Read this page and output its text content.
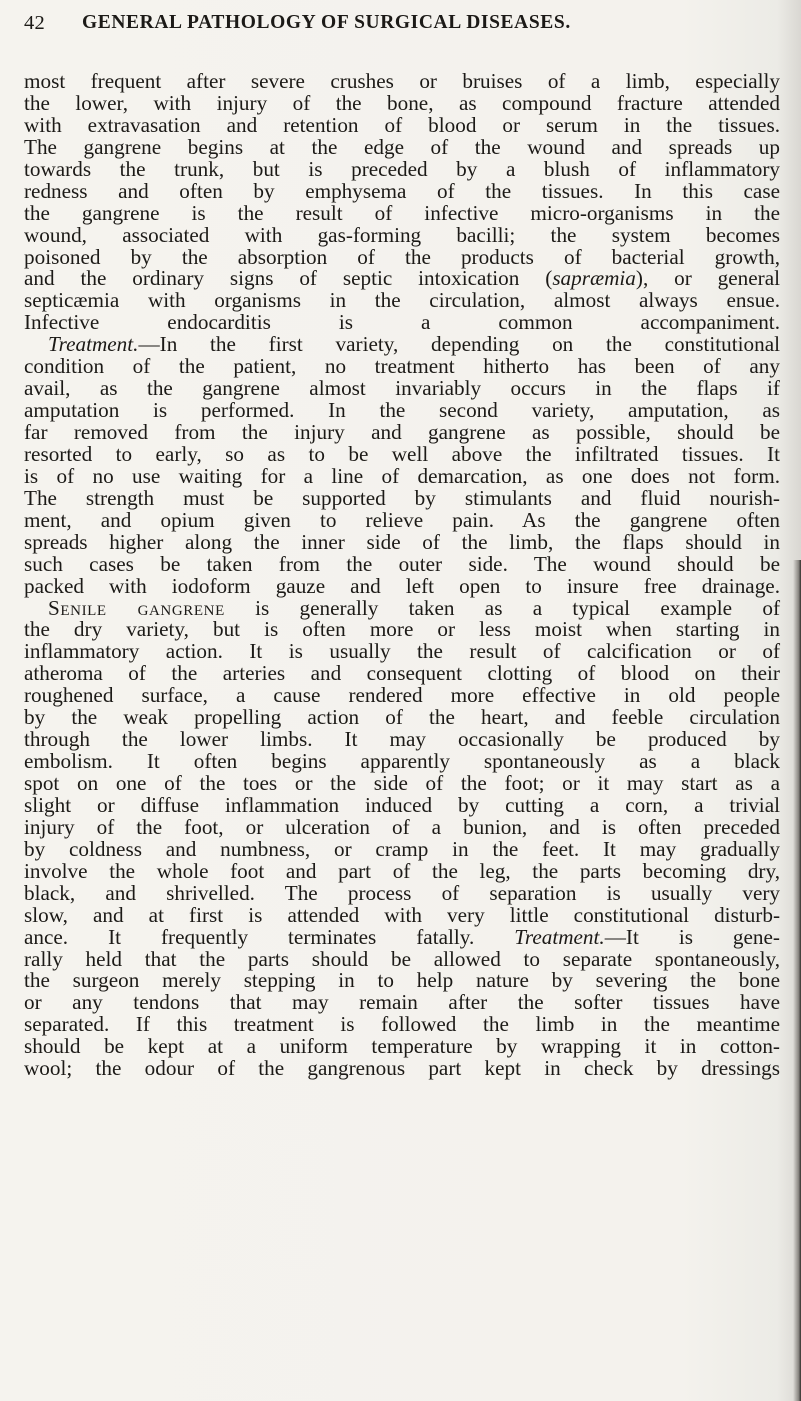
42 GENERAL PATHOLOGY OF SURGICAL DISEASES.
most frequent after severe crushes or bruises of a limb, especially
the lower, with injury of the bone, as compound fracture attended
with extravasation and retention of blood or serum in the tissues.
The gangrene begins at the edge of the wound and spreads up
towards the trunk, but is preceded by a blush of inflammatory
redness and often by emphysema of the tissues. In this case
the gangrene is the result of infective micro-organisms in the
wound, associated with gas-forming bacilli; the system becomes
poisoned by the absorption of the products of bacterial growth,
and the ordinary signs of septic intoxication (sapræmia), or general
septicæmia with organisms in the circulation, almost always ensue.
Infective endocarditis is a common accompaniment.
Treatment.—In the first variety, depending on the constitutional
condition of the patient, no treatment hitherto has been of any
avail, as the gangrene almost invariably occurs in the flaps if
amputation is performed. In the second variety, amputation, as
far removed from the injury and gangrene as possible, should be
resorted to early, so as to be well above the infiltrated tissues. It
is of no use waiting for a line of demarcation, as one does not form.
The strength must be supported by stimulants and fluid nourish-
ment, and opium given to relieve pain. As the gangrene often
spreads higher along the inner side of the limb, the flaps should in
such cases be taken from the outer side. The wound should be
packed with iodoform gauze and left open to insure free drainage.
Senile gangrene is generally taken as a typical example of
the dry variety, but is often more or less moist when starting in
inflammatory action. It is usually the result of calcification or of
atheroma of the arteries and consequent clotting of blood on their
roughened surface, a cause rendered more effective in old people
by the weak propelling action of the heart, and feeble circulation
through the lower limbs. It may occasionally be produced by
embolism. It often begins apparently spontaneously as a black
spot on one of the toes or the side of the foot; or it may start as a
slight or diffuse inflammation induced by cutting a corn, a trivial
injury of the foot, or ulceration of a bunion, and is often preceded
by coldness and numbness, or cramp in the feet. It may gradually
involve the whole foot and part of the leg, the parts becoming dry,
black, and shrivelled. The process of separation is usually very
slow, and at first is attended with very little constitutional disturb-
ance. It frequently terminates fatally. Treatment.—It is gene-
rally held that the parts should be allowed to separate spontaneously,
the surgeon merely stepping in to help nature by severing the bone
or any tendons that may remain after the softer tissues have
separated. If this treatment is followed the limb in the meantime
should be kept at a uniform temperature by wrapping it in cotton-
wool; the odour of the gangrenous part kept in check by dressings
